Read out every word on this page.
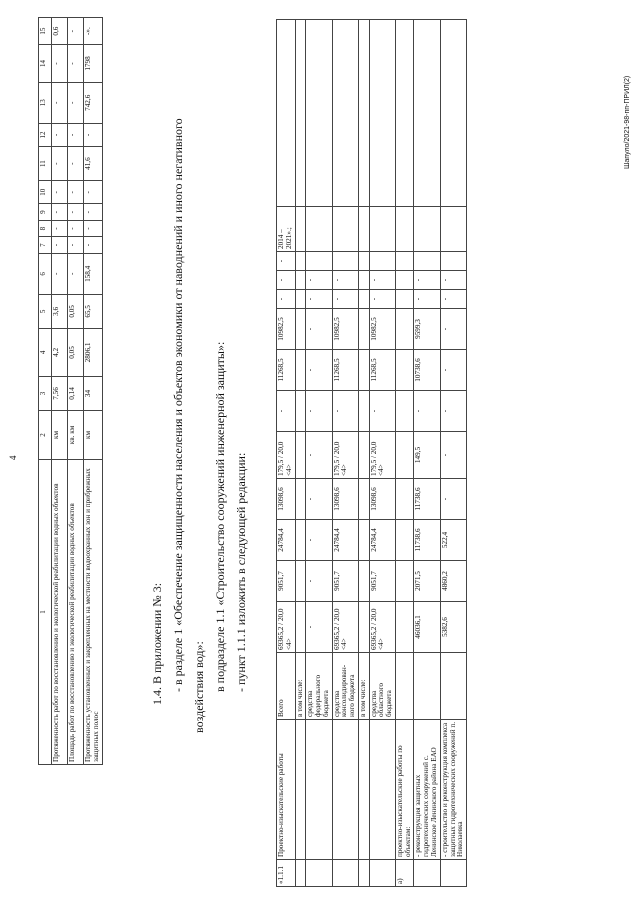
4
1	2	3	4	5	6	7	8	9	10	11	12	13	14	15
Протяженность работ по восстановлению и экологической реабилитации водных объектов	км	7,56	4,2	3,6	-	-	-	-	-	-	-	-	-	0,6
Площадь работ по восстановлению и экологической реабилитации водных объектов	кв. км	0,14	0,05	0,05	-	-	-	-	-	-	-	-	-	-
Протяженность установленных и закрепленных на местности водоохранных зон и прибрежных защитных полос	км	34	2806,1	65,5	158,4	-	-	-	-	41,6	-	742,6	1798	-».
1.4. В приложении № 3: - в разделе 1 «Обеспечение защищенности населения и объектов экономики от наводнений и иного негативного воздействия вод»: в подразделе 1.1 «Строительство сооружений инженерной защиты»: - пункт 1.1.1 изложить в следующей редакции:
«1.1.1	Проектно-изыскательские работы	Всего	69365,2 / 20,0 <4>	9051,7	24784,4	13098,6	179,5 / 20,0 <4>	-	11268,5	10982,5	-	-	-	2014 – 2021».;	
		в том числе:													
		средства федерального бюджета	-	-	-	-	-	-	-	-	-	-			
		средства консолидирован-ного бюджета	69365,2 / 20,0 <4>	9051,7	24784,4	13098,6	179,5 / 20,0 <4>	-	11268,5	10982,5	-	-			
		в том числе:													
		средства областного бюджета	69365,2 / 20,0 <4>	9051,7	24784,4	13098,6	179,5 / 20,0 <4>	-	11268,5	10982,5	-	-			
а)	проектно-изыскательские работы по объектам:														
	- реконструкция защитных гидротехнических сооружений с. Ленинское Ленинского района ЕАО		46036,1	2071,5	11738,6	11738,6	149,5	-	10738,6	9599,3	-	-			
	- строительство и реконструкция комплекса защитных гидротехнических сооружений п. Николаевка		5382,6	4860,2	522,4	-	-	-	-	-	-	-			
Шапуло/2021-98-пп-ПРИЛ(2)
